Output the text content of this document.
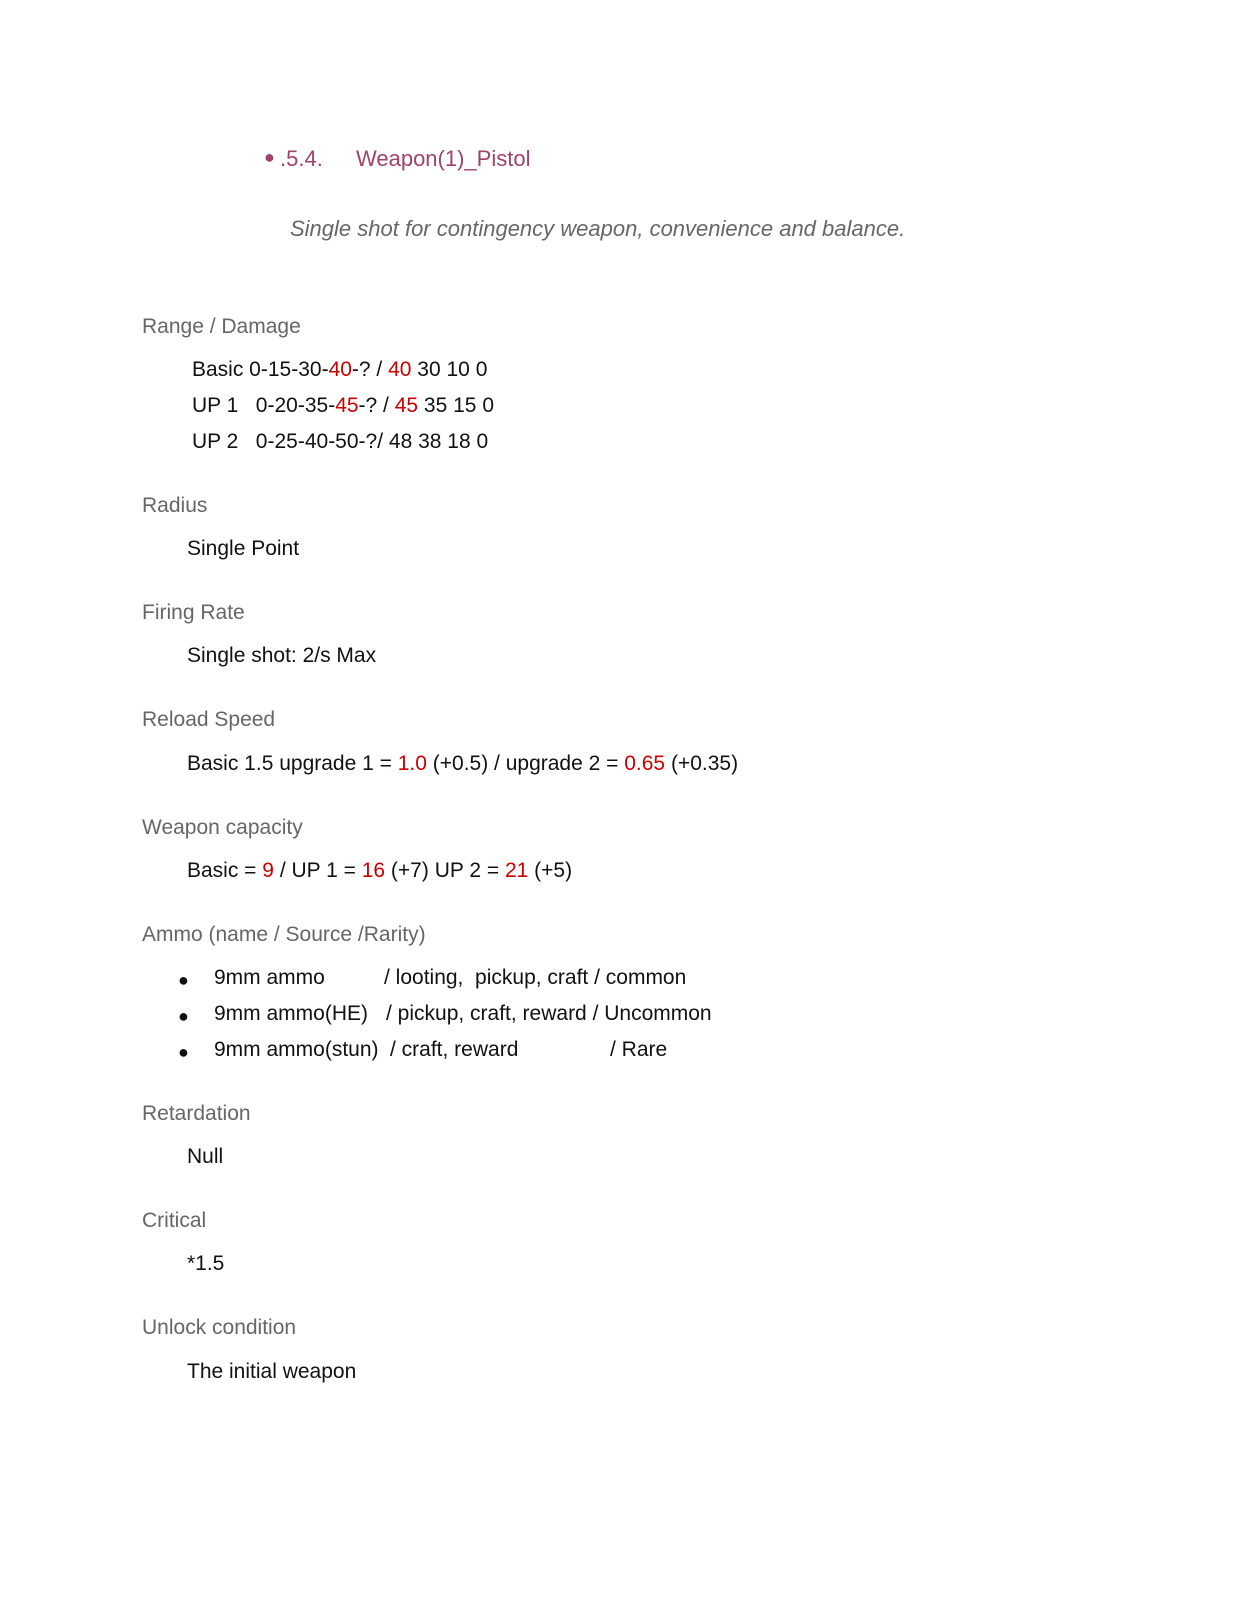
● .5.4. Weapon(1)_Pistol
Single shot for contingency weapon, convenience and balance.
Range / Damage
Basic 0-15-30-40-? / 40 30 10 0
UP 1   0-20-35-45-? / 45 35 15 0
UP 2   0-25-40-50-?/ 48 38 18 0
Radius
Single Point
Firing Rate
Single shot: 2/s Max
Reload Speed
Basic 1.5 upgrade 1 = 1.0 (+0.5) / upgrade 2 = 0.65 (+0.35)
Weapon capacity
Basic = 9 / UP 1 = 16 (+7) UP 2 = 21 (+5)
Ammo (name / Source /Rarity)
● 9mm ammo	/ looting,  pickup, craft / common
● 9mm ammo(HE) / pickup, craft, reward / Uncommon
● 9mm ammo(stun) / craft, reward	/ Rare
Retardation
Null
Critical
*1.5
Unlock condition
The initial weapon
